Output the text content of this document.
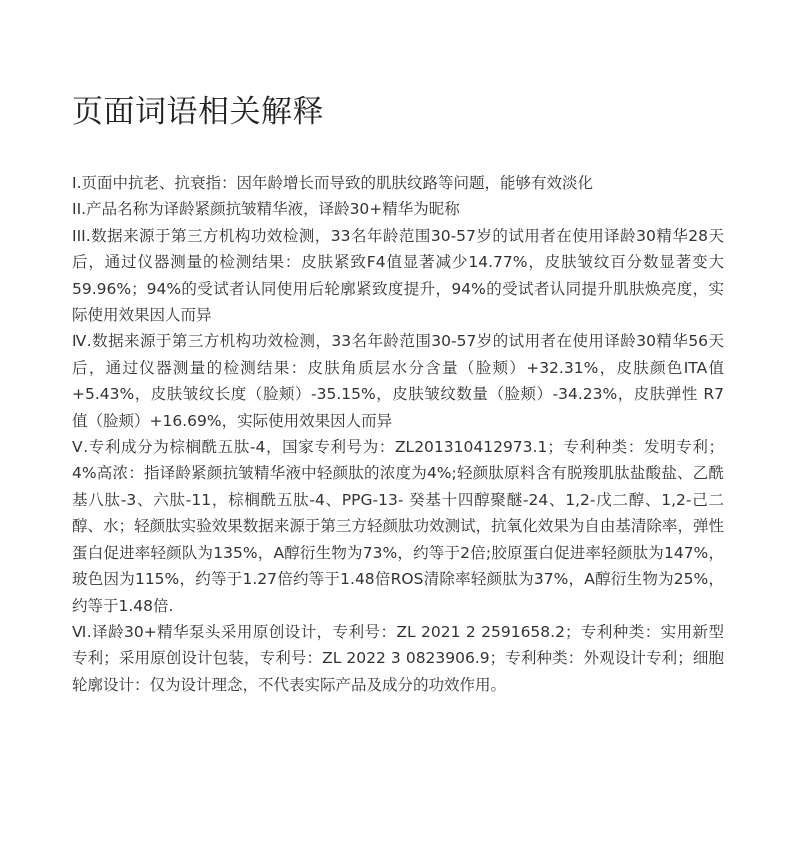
页面词语相关解释

I.页面中抗老、抗衰指：因年龄增长而导致的肌肤纹路等问题，能够有效淡化

II.产品名称为译龄紧颜抗皱精华液，译龄30+精华为昵称

III.数据来源于第三方机构功效检测，33名年龄范围30-57岁的试用者在使用译龄30精华28天后，通过仪器测量的检测结果：皮肤紧致F4值显著减少14.77%，皮肤皱纹百分数显著变大59.96%；94%的受试者认同使用后轮廓紧致度提升，94%的受试者认同提升肌肤焕亮度，实际使用效果因人而异

Ⅳ.数据来源于第三方机构功效检测，33名年龄范围30-57岁的试用者在使用译龄30精华56天后，通过仪器测量的检测结果：皮肤角质层水分含量（脸颊）+32.31%，皮肤颜色ITA值+5.43%，皮肤皱纹长度（脸颊）-35.15%，皮肤皱纹数量（脸颊）-34.23%，皮肤弹性 R7 值（脸颊）+16.69%，实际使用效果因人而异

Ⅴ.专利成分为棕榈酰五肽-4，国家专利号为：ZL201310412973.1；专利种类：发明专利；4%高浓：指译龄紧颜抗皱精华液中轻颜肽的浓度为4%;轻颜肽原料含有脱羧肌肽盐酸盐、乙酰基八肽-3、六肽-11，棕榈酰五肽-4、PPG-13- 癸基十四醇聚醚-24、1,2-戊二醇、1,2-己二醇、水；轻颜肽实验效果数据来源于第三方轻颜肽功效测试，抗氧化效果为自由基清除率，弹性蛋白促进率轻颜队为135%，A醇衍生物为73%，约等于2倍;胶原蛋白促进率轻颜肽为147%，玻色因为115%，约等于1.27倍约等于1.48倍ROS清除率轻颜肽为37%，A醇衍生物为25%，约等于1.48倍.

Ⅵ.译龄30+精华泵头采用原创设计，专利号：ZL 2021 2 2591658.2；专利种类：实用新型专利；采用原创设计包装，专利号：ZL 2022 3 0823906.9；专利种类：外观设计专利；细胞轮廓设计：仅为设计理念，不代表实际产品及成分的功效作用。
